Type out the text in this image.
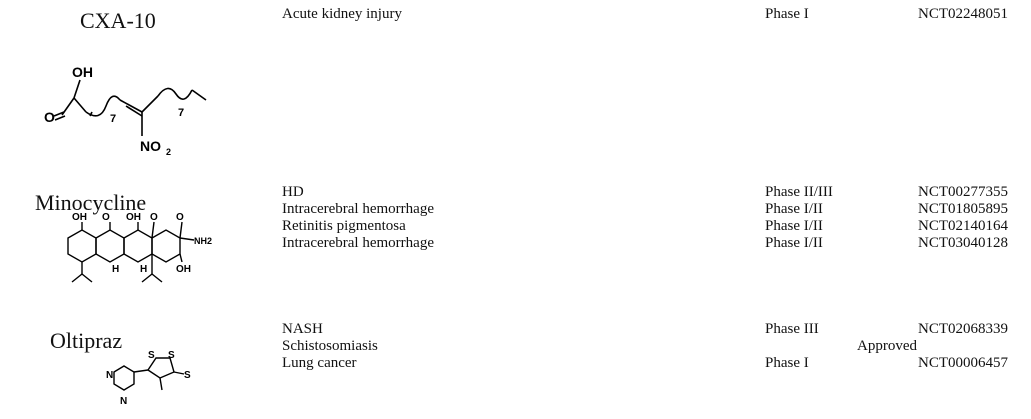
CXA-10
OH
O	7
NO 2
7
Acute kidney injury	Phase I	NCT02248051
Minocycline
OH O OH O O
NH2
OH
H H
HD	Phase II/III	NCT00277355
Intracerebral hemorrhage	Phase I/II	NCT01805895
Retinitis pigmentosa	Phase I/II	NCT02140164
Intracerebral hemorrhage	Phase I/II	NCT03040128
Oltipraz
S S
S
N
N
NASH	Phase III	NCT02068339
Schistosomiasis	Approved
Lung cancer	Phase I	NCT00006457
